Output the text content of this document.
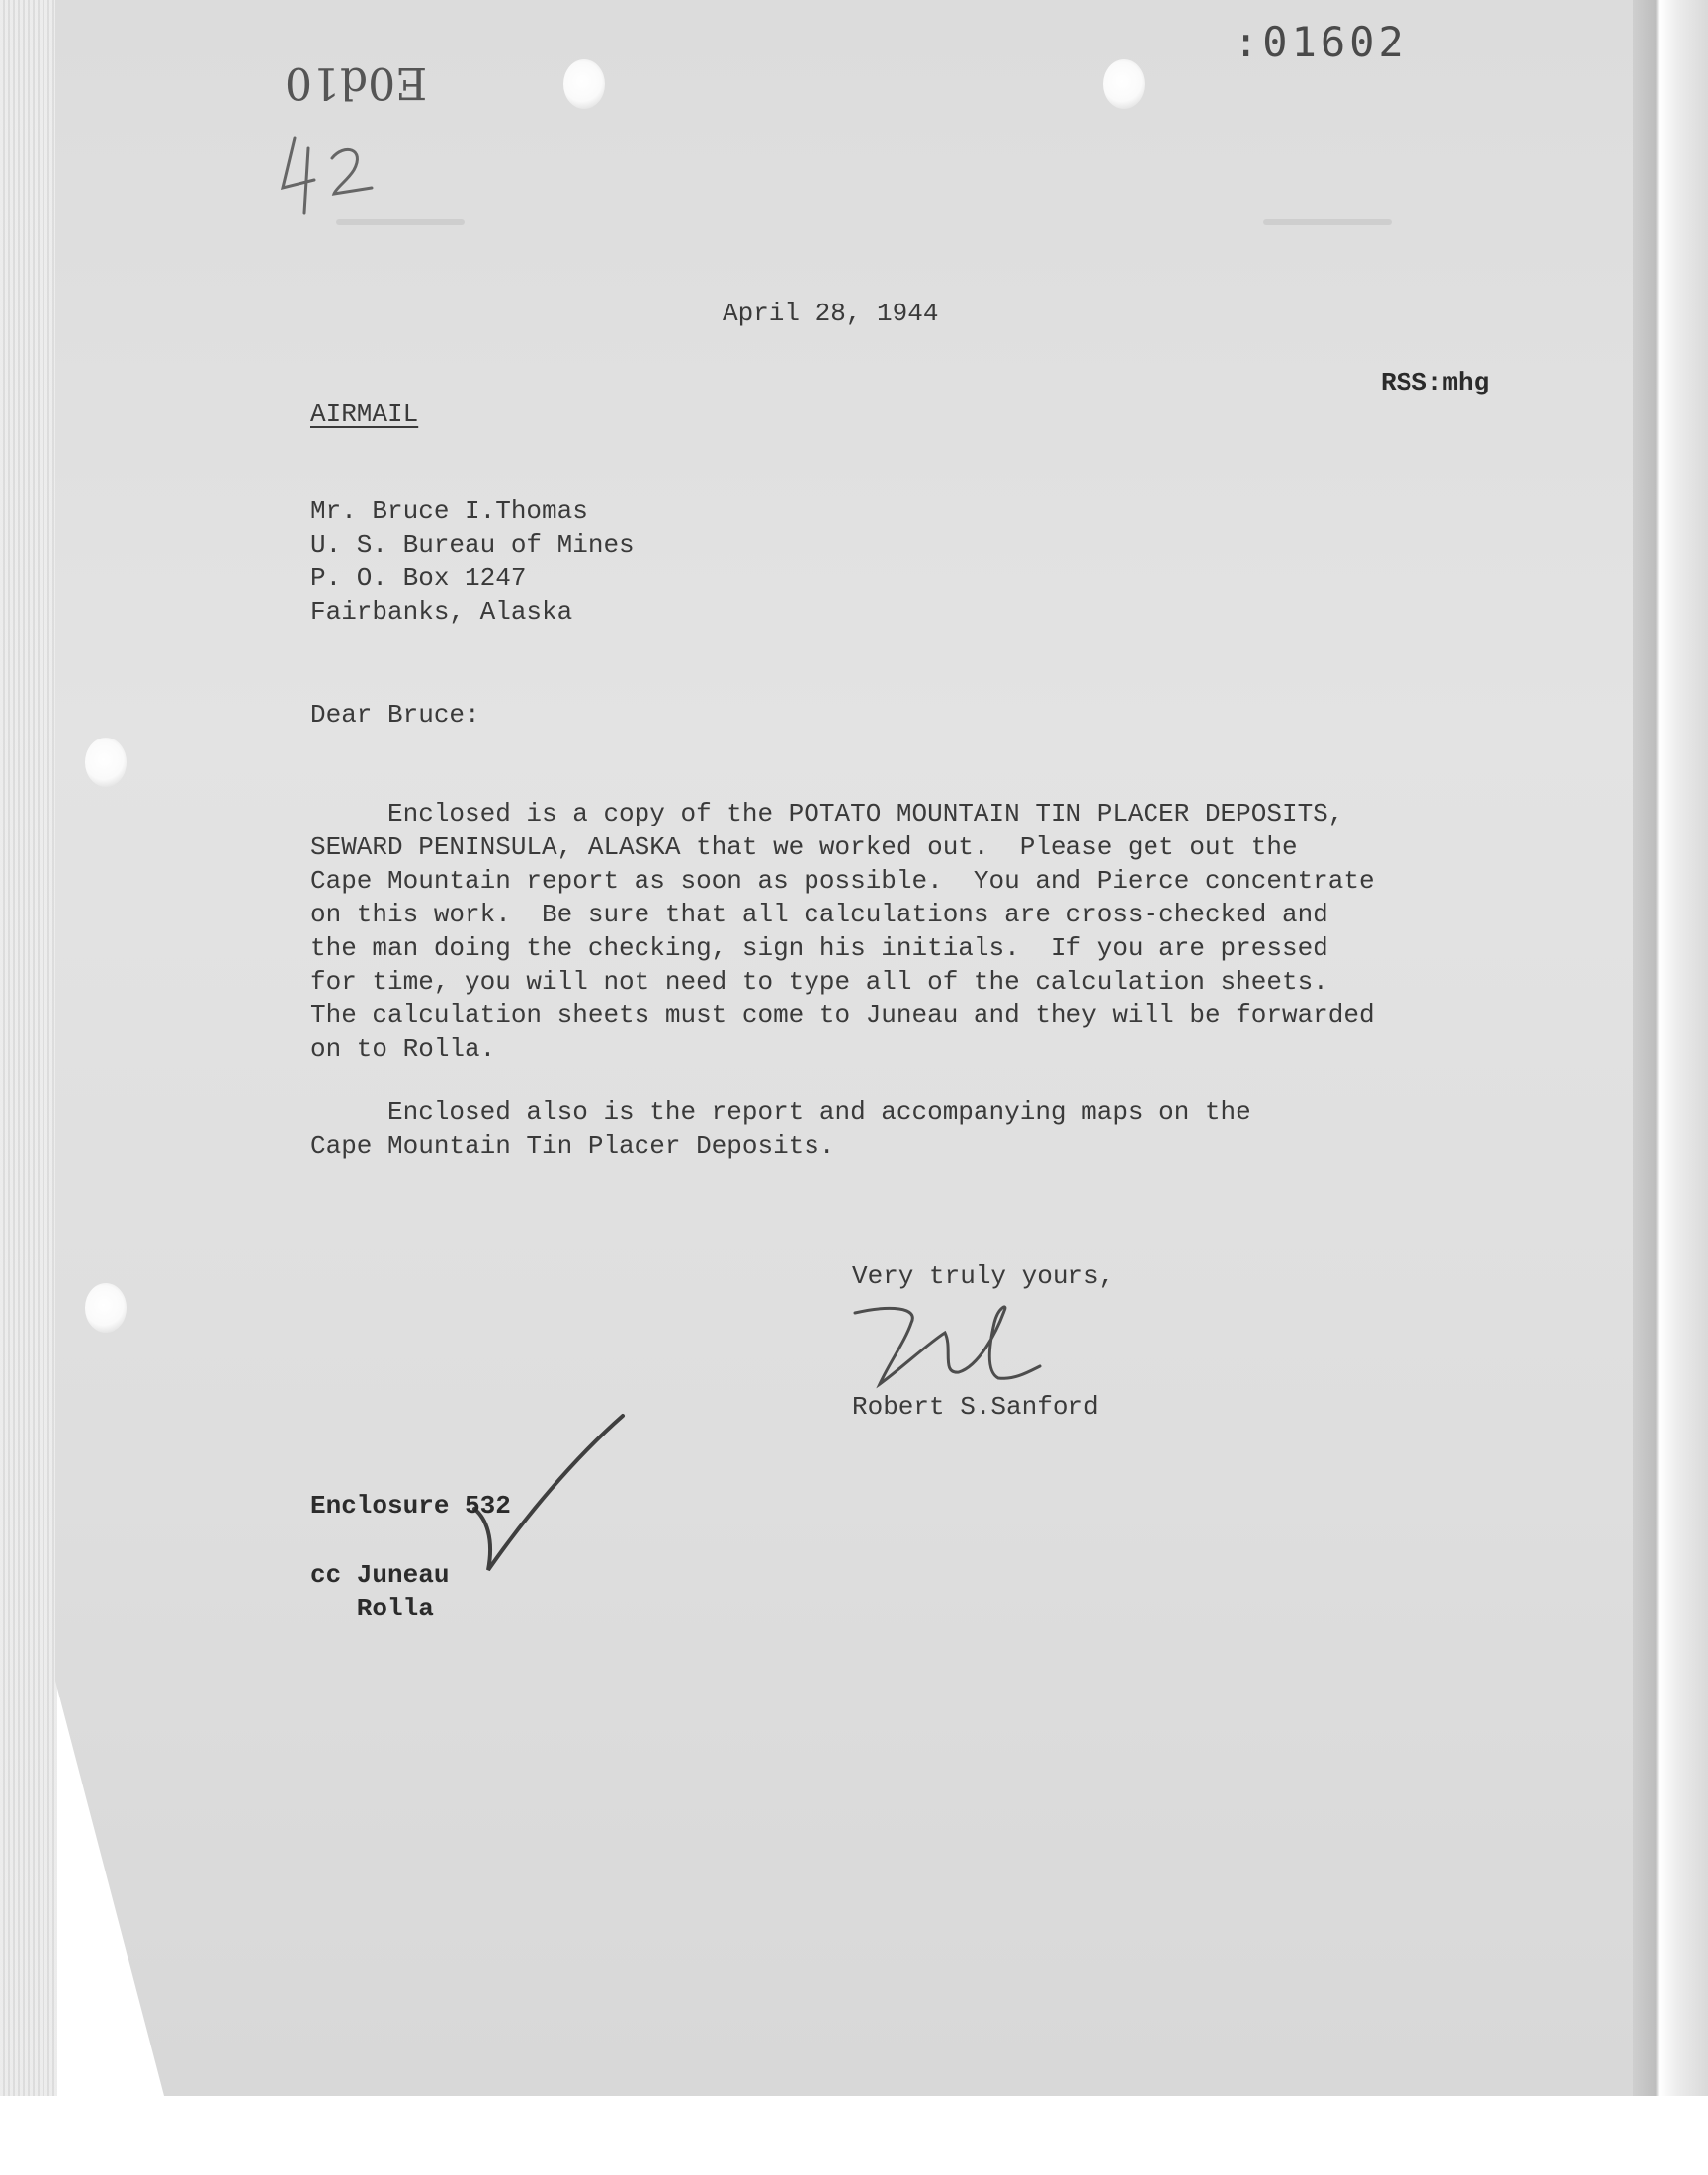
:01602
E0d10
April 28, 1944
RSS:mhg
AIRMAIL
Mr. Bruce I.Thomas
U. S. Bureau of Mines
P. O. Box 1247
Fairbanks, Alaska
Dear Bruce:
Enclosed is a copy of the POTATO MOUNTAIN TIN PLACER DEPOSITS,
SEWARD PENINSULA, ALASKA that we worked out.  Please get out the
Cape Mountain report as soon as possible.  You and Pierce concentrate
on this work.  Be sure that all calculations are cross-checked and
the man doing the checking, sign his initials.  If you are pressed
for time, you will not need to type all of the calculation sheets.
The calculation sheets must come to Juneau and they will be forwarded
on to Rolla.
Enclosed also is the report and accompanying maps on the
Cape Mountain Tin Placer Deposits.
Very truly yours,
Robert S.Sanford
Enclosure 532
cc Juneau
Rolla
